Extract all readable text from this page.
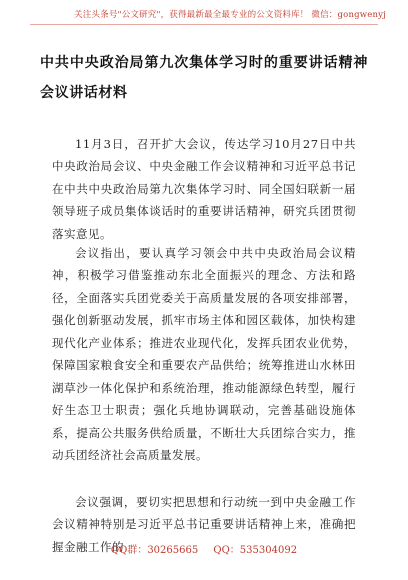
关注头条号"公文研究"，获得最新最全最专业的公文资料库！ 微信：gongwenyj
中共中央政治局第九次集体学习时的重要讲话精神会议讲话材料

11月3日，召开扩大会议，传达学习10月27日中共中央政治局会议、中央金融工作会议精神和习近平总书记在中共中央政治局第九次集体学习时、同全国妇联新一届领导班子成员集体谈话时的重要讲话精神，研究兵团贯彻落实意见。

会议指出，要认真学习领会中共中央政治局会议精神，积极学习借鉴推动东北全面振兴的理念、方法和路径，全面落实兵团党委关于高质量发展的各项安排部署，强化创新驱动发展，抓牢市场主体和园区载体，加快构建现代化产业体系；推进农业现代化，发挥兵团农业优势，保障国家粮食安全和重要农产品供给；统筹推进山水林田湖草沙一体化保护和系统治理，推动能源绿色转型，履行好生态卫士职责；强化兵地协调联动，完善基础设施体系，提高公共服务供给质量，不断壮大兵团综合实力，推动兵团经济社会高质量发展。

会议强调，要切实把思想和行动统一到中央金融工作会议精神特别是习近平总书记重要讲话精神上来，准确把握金融工作的

QQ群：30265665 QQ：535304092
